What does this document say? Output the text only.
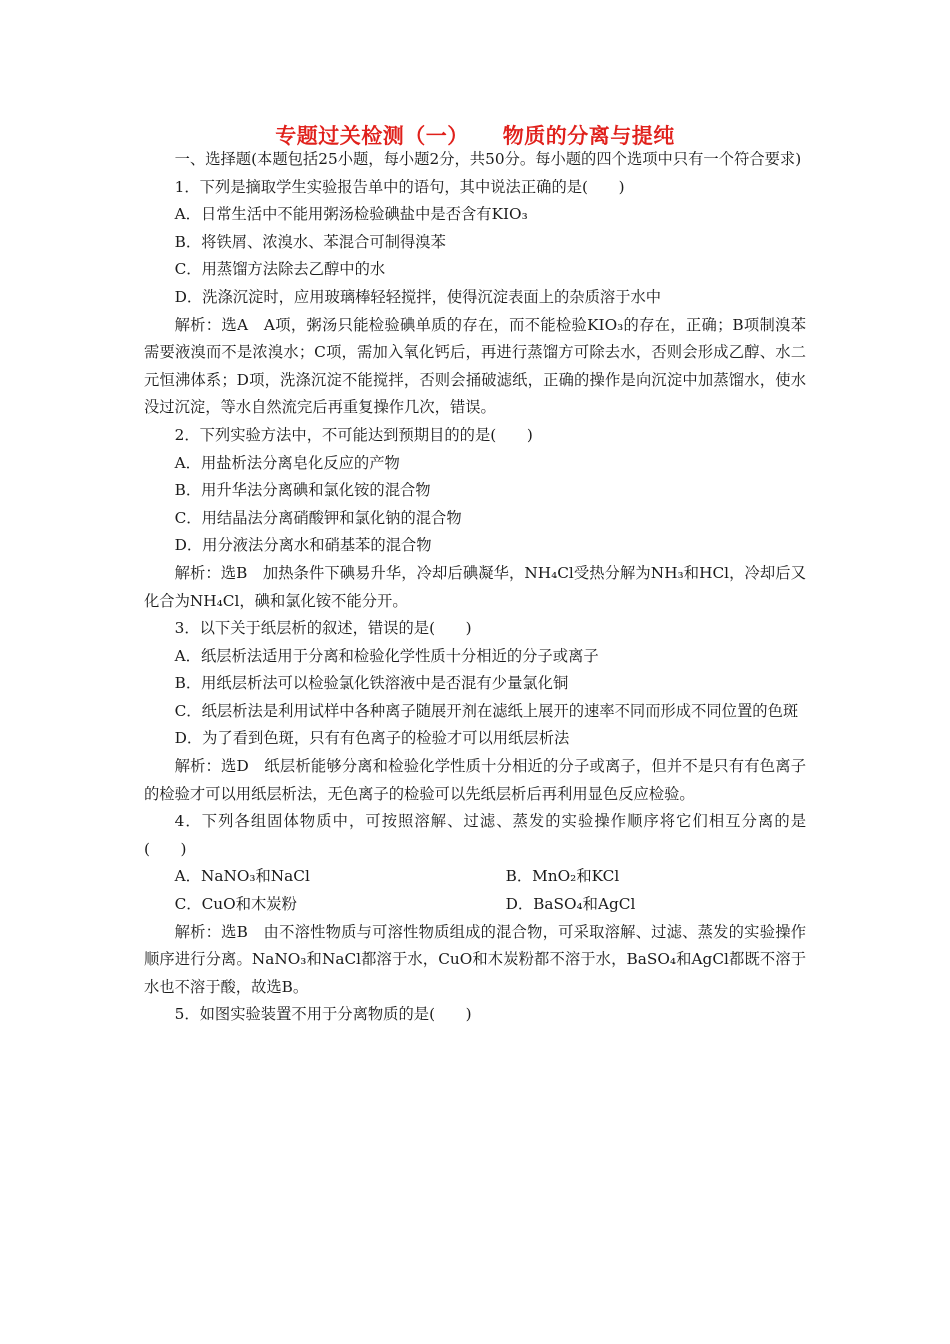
专题过关检测（一） 物质的分离与提纯

一、选择题(本题包括25小题，每小题2分，共50分。每小题的四个选项中只有一个符合要求)

1．下列是摘取学生实验报告单中的语句，其中说法正确的是(　　)

A．日常生活中不能用粥汤检验碘盐中是否含有KIO₃

B．将铁屑、浓溴水、苯混合可制得溴苯

C．用蒸馏方法除去乙醇中的水

D．洗涤沉淀时，应用玻璃棒轻轻搅拌，使得沉淀表面上的杂质溶于水中

解析：选A　A项，粥汤只能检验碘单质的存在，而不能检验KIO₃的存在，正确；B项制溴苯需要液溴而不是浓溴水；C项，需加入氧化钙后，再进行蒸馏方可除去水，否则会形成乙醇、水二元恒沸体系；D项，洗涤沉淀不能搅拌，否则会捅破滤纸，正确的操作是向沉淀中加蒸馏水，使水没过沉淀，等水自然流完后再重复操作几次，错误。

2．下列实验方法中，不可能达到预期目的的是(　　)

A．用盐析法分离皂化反应的产物

B．用升华法分离碘和氯化铵的混合物

C．用结晶法分离硝酸钾和氯化钠的混合物

D．用分液法分离水和硝基苯的混合物

解析：选B　加热条件下碘易升华，冷却后碘凝华，NH₄Cl受热分解为NH₃和HCl，冷却后又化合为NH₄Cl，碘和氯化铵不能分开。

3．以下关于纸层析的叙述，错误的是(　　)

A．纸层析法适用于分离和检验化学性质十分相近的分子或离子

B．用纸层析法可以检验氯化铁溶液中是否混有少量氯化铜

C．纸层析法是利用试样中各种离子随展开剂在滤纸上展开的速率不同而形成不同位置的色斑

D．为了看到色斑，只有有色离子的检验才可以用纸层析法

解析：选D　纸层析能够分离和检验化学性质十分相近的分子或离子，但并不是只有有色离子的检验才可以用纸层析法，无色离子的检验可以先纸层析后再利用显色反应检验。

4．下列各组固体物质中，可按照溶解、过滤、蒸发的实验操作顺序将它们相互分离的是(　　)

A．NaNO₃和NaCl	B．MnO₂和KCl
C．CuO和木炭粉	D．BaSO₄和AgCl

解析：选B　由不溶性物质与可溶性物质组成的混合物，可采取溶解、过滤、蒸发的实验操作顺序进行分离。NaNO₃和NaCl都溶于水，CuO和木炭粉都不溶于水，BaSO₄和AgCl都既不溶于水也不溶于酸，故选B。

5．如图实验装置不用于分离物质的是(　　)
